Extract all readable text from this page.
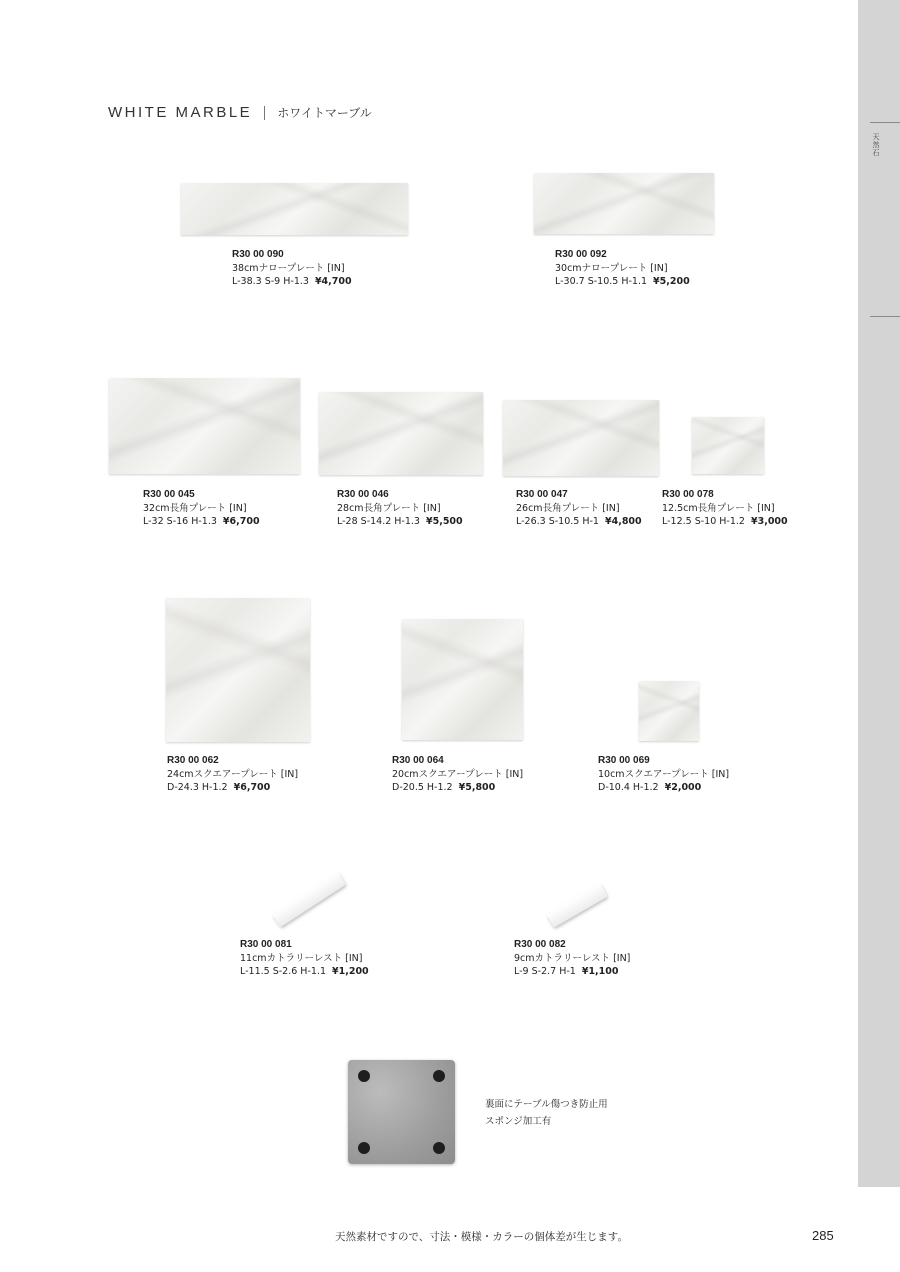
WHITE MARBLE ホワイトマーブル
天然石
R30 00 090
38cmナロープレート [IN]
L-38.3 S-9 H-1.3 ¥4,700
R30 00 092
30cmナロープレート [IN]
L-30.7 S-10.5 H-1.1 ¥5,200
R30 00 045
32cm長角プレート [IN]
L-32 S-16 H-1.3 ¥6,700
R30 00 046
28cm長角プレート [IN]
L-28 S-14.2 H-1.3 ¥5,500
R30 00 047
26cm長角プレート [IN]
L-26.3 S-10.5 H-1 ¥4,800
R30 00 078
12.5cm長角プレート [IN]
L-12.5 S-10 H-1.2 ¥3,000
R30 00 062
24cmスクエアープレート [IN]
D-24.3 H-1.2 ¥6,700
R30 00 064
20cmスクエアープレート [IN]
D-20.5 H-1.2 ¥5,800
R30 00 069
10cmスクエアープレート [IN]
D-10.4 H-1.2 ¥2,000
R30 00 081
11cmカトラリーレスト [IN]
L-11.5 S-2.6 H-1.1 ¥1,200
R30 00 082
9cmカトラリーレスト [IN]
L-9 S-2.7 H-1 ¥1,100
裏面にテーブル傷つき防止用
スポンジ加工有
天然素材ですので、寸法・模様・カラーの個体差が生じます。	285
